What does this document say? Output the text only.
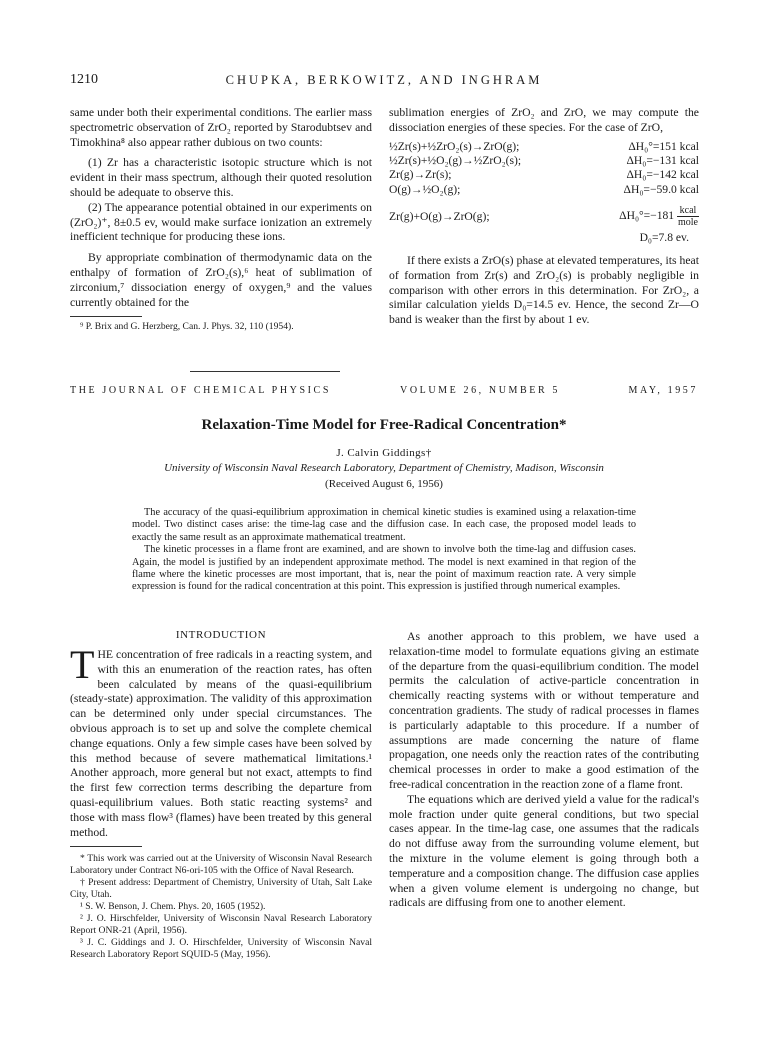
1210	CHUPKA, BERKOWITZ, AND INGHRAM

same under both their experimental conditions. The earlier mass spectrometric observation of ZrO₂ reported by Starodubtsev and Timokhina⁸ also appear rather dubious on two counts:

(1) Zr has a characteristic isotopic structure which is not evident in their mass spectrum, although their quoted resolution should be adequate to observe this.

(2) The appearance potential obtained in our experiments on (ZrO₂)⁺, 8±0.5 ev, would make surface ionization an extremely inefficient technique for producing these ions.

By appropriate combination of thermodynamic data on the enthalpy of formation of ZrO₂(s),⁶ heat of sublimation of zirconium,⁷ dissociation energy of oxygen,⁹ and the values currently obtained for the

⁹ P. Brix and G. Herzberg, Can. J. Phys. 32, 110 (1954).

sublimation energies of ZrO₂ and ZrO, we may compute the dissociation energies of these species. For the case of ZrO,

½Zr(s)+½ZrO₂(s)→ZrO(g);	ΔH₀°=151 kcal
½Zr(s)+½O₂(g)→½ZrO₂(s);	ΔH₀=−131 kcal
Zr(g)→Zr(s);	ΔH₀=−142 kcal
O(g)→½O₂(g);	ΔH₀=−59.0 kcal
Zr(g)+O(g)→ZrO(g);	$\Delta H_0^\circ=-181 \frac{\text{kcal}}{\text{mole}}$
D₀=7.8 ev.

If there exists a ZrO(s) phase at elevated temperatures, its heat of formation from Zr(s) and ZrO₂(s) is probably negligible in comparison with other errors in this determination. For ZrO₂, a similar calculation yields D₀=14.5 ev. Hence, the second Zr—O band is weaker than the first by about 1 ev.

THE JOURNAL OF CHEMICAL PHYSICS	VOLUME 26, NUMBER 5	MAY, 1957
Relaxation-Time Model for Free-Radical Concentration*
J. Calvin Giddings†
University of Wisconsin Naval Research Laboratory, Department of Chemistry, Madison, Wisconsin
(Received August 6, 1956)

The accuracy of the quasi-equilibrium approximation in chemical kinetic studies is examined using a relaxation-time model. Two distinct cases arise: the time-lag case and the diffusion case. In each case, the proposed model leads to exactly the same result as an approximate mathematical treatment.

The kinetic processes in a flame front are examined, and are shown to involve both the time-lag and diffusion cases. Again, the model is justified by an independent approximate method. The model is next examined in that region of the flame where the kinetic processes are most important, that is, near the point of maximum reaction rate. A very simple expression is found for the radical concentration at this point. This expression is justified through numerical examples.

INTRODUCTION
T HE concentration of free radicals in a reacting system, and with this an enumeration of the reaction rates, has often been calculated by means of the quasi-equilibrium (steady-state) approximation. The validity of this approximation can be determined only under special circumstances. The obvious approach is to set up and solve the complete chemical change equations. Only a few simple cases have been solved by this method because of severe mathematical limitations.¹ Another approach, more general but not exact, attempts to find the first few correction terms describing the departure from quasi-equilibrium values. Both static reacting systems² and those with mass flow³ (flames) have been treated by this general method.

* This work was carried out at the University of Wisconsin Naval Research Laboratory under Contract N6-ori-105 with the Office of Naval Research.

† Present address: Department of Chemistry, University of Utah, Salt Lake City, Utah.

¹ S. W. Benson, J. Chem. Phys. 20, 1605 (1952).

² J. O. Hirschfelder, University of Wisconsin Naval Research Laboratory Report ONR-21 (April, 1956).

³ J. C. Giddings and J. O. Hirschfelder, University of Wisconsin Naval Research Laboratory Report SQUID-5 (May, 1956).

As another approach to this problem, we have used a relaxation-time model to formulate equations giving an estimate of the departure from the quasi-equilibrium condition. The model permits the calculation of active-particle concentration in chemically reacting systems with or without temperature and concentration gradients. The study of radical processes in flames is particularly adaptable to this procedure. If a number of assumptions are made concerning the nature of flame propagation, one needs only the reaction rates of the contributing chemical processes in order to make a good estimation of the free-radical concentration in the reaction zone of a flame front.

The equations which are derived yield a value for the radical's mole fraction under quite general conditions, but two special cases appear. In the time-lag case, one assumes that the radicals do not diffuse away from the surrounding volume element, but the mixture in the volume element is going through both a temperature and a composition change. The diffusion case applies when a given volume element is undergoing no change, but radicals are diffusing from one to another element.
